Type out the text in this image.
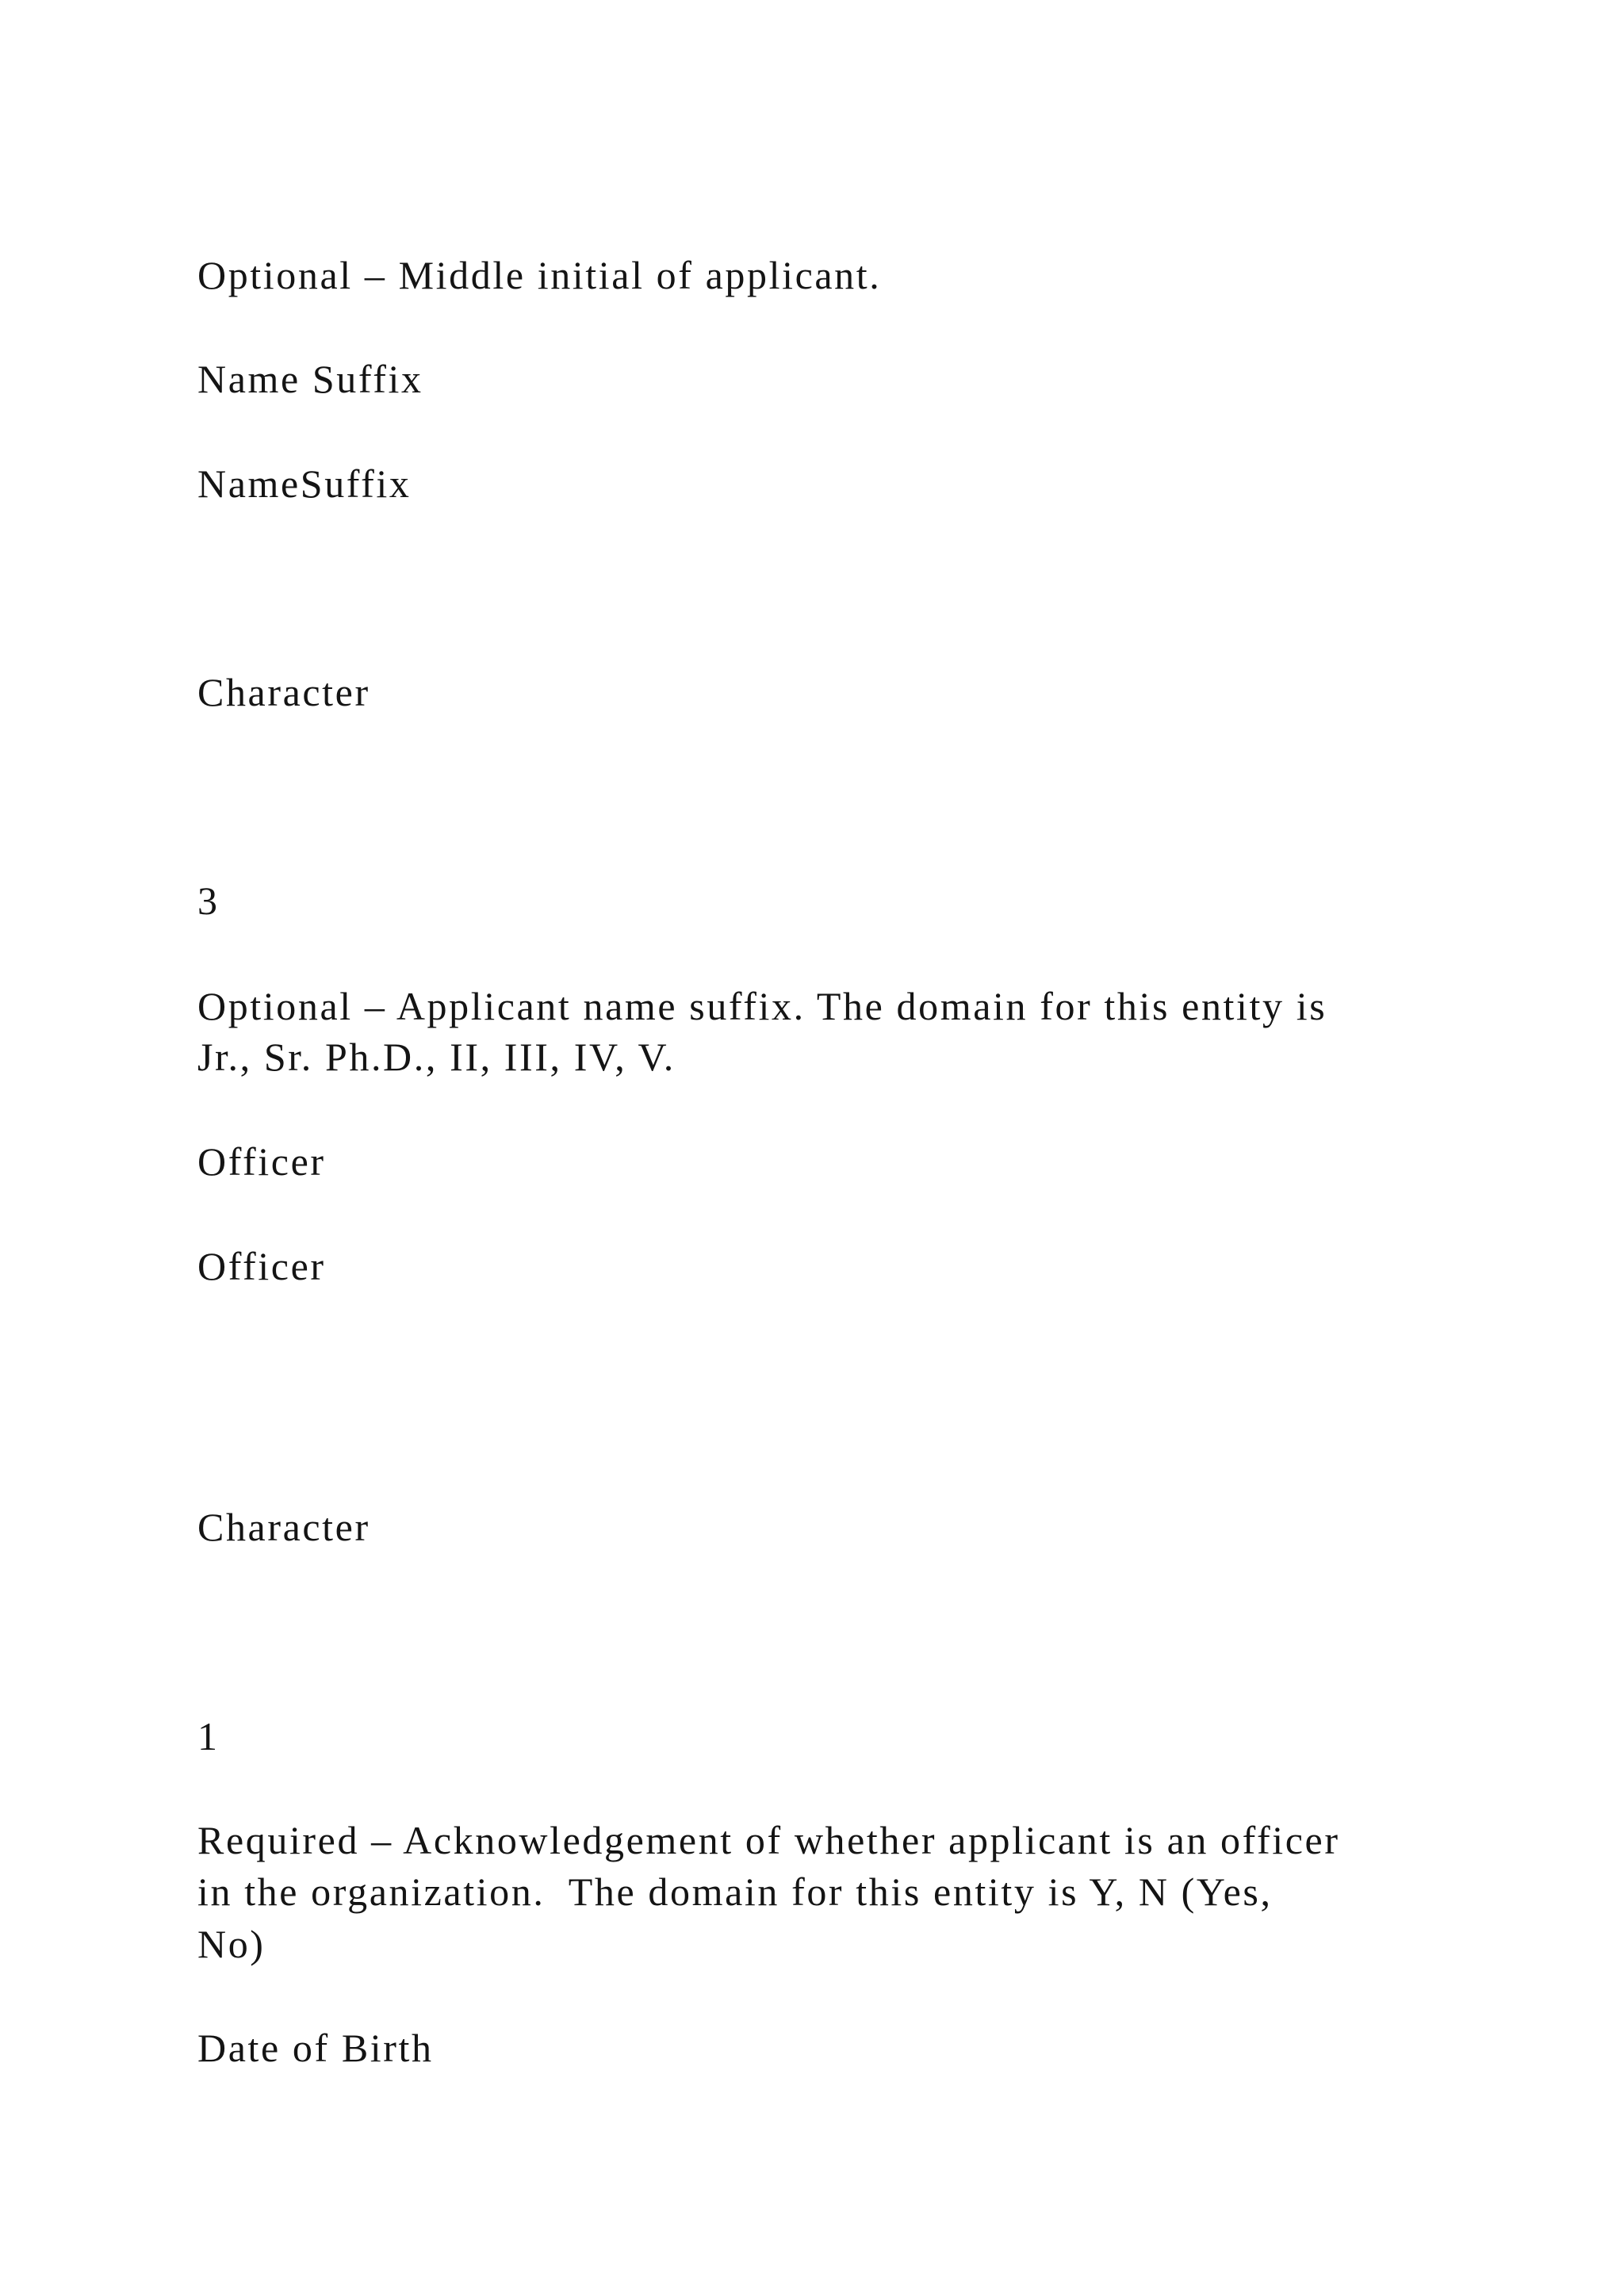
Optional – Middle initial of applicant.

Name Suffix

NameSuffix

Character

3

Optional – Applicant name suffix. The domain for this entity is

Jr., Sr. Ph.D., II, III, IV, V.

Officer

Officer

Character

1

Required – Acknowledgement of whether applicant is an officer

in the organization.  The domain for this entity is Y, N (Yes,

No)

Date of Birth
